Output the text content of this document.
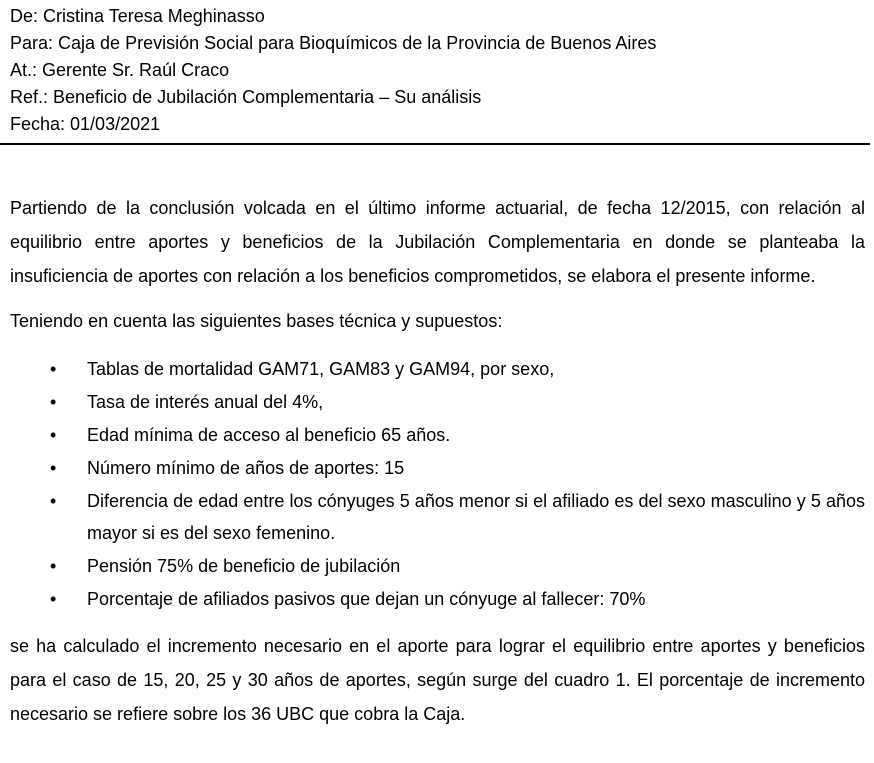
De: Cristina Teresa Meghinasso
Para: Caja de Previsión Social para Bioquímicos de la Provincia de Buenos Aires
At.: Gerente Sr. Raúl Craco
Ref.: Beneficio de Jubilación Complementaria – Su análisis
Fecha: 01/03/2021

Partiendo de la conclusión volcada en el último informe actuarial, de fecha 12/2015, con relación al equilibrio entre aportes y beneficios de la Jubilación Complementaria en donde se planteaba la insuficiencia de aportes con relación a los beneficios comprometidos, se elabora el presente informe.

Teniendo en cuenta las siguientes bases técnica y supuestos:

• Tablas de mortalidad GAM71, GAM83 y GAM94, por sexo,
• Tasa de interés anual del 4%,
• Edad mínima de acceso al beneficio 65 años.
• Número mínimo de años de aportes: 15
• Diferencia de edad entre los cónyuges 5 años menor si el afiliado es del sexo masculino y 5 años mayor si es del sexo femenino.
• Pensión 75% de beneficio de jubilación
• Porcentaje de afiliados pasivos que dejan un cónyuge al fallecer: 70%

se ha calculado el incremento necesario en el aporte para lograr el equilibrio entre aportes y beneficios para el caso de 15, 20, 25 y 30 años de aportes, según surge del cuadro 1. El porcentaje de incremento necesario se refiere sobre los 36 UBC que cobra la Caja.
